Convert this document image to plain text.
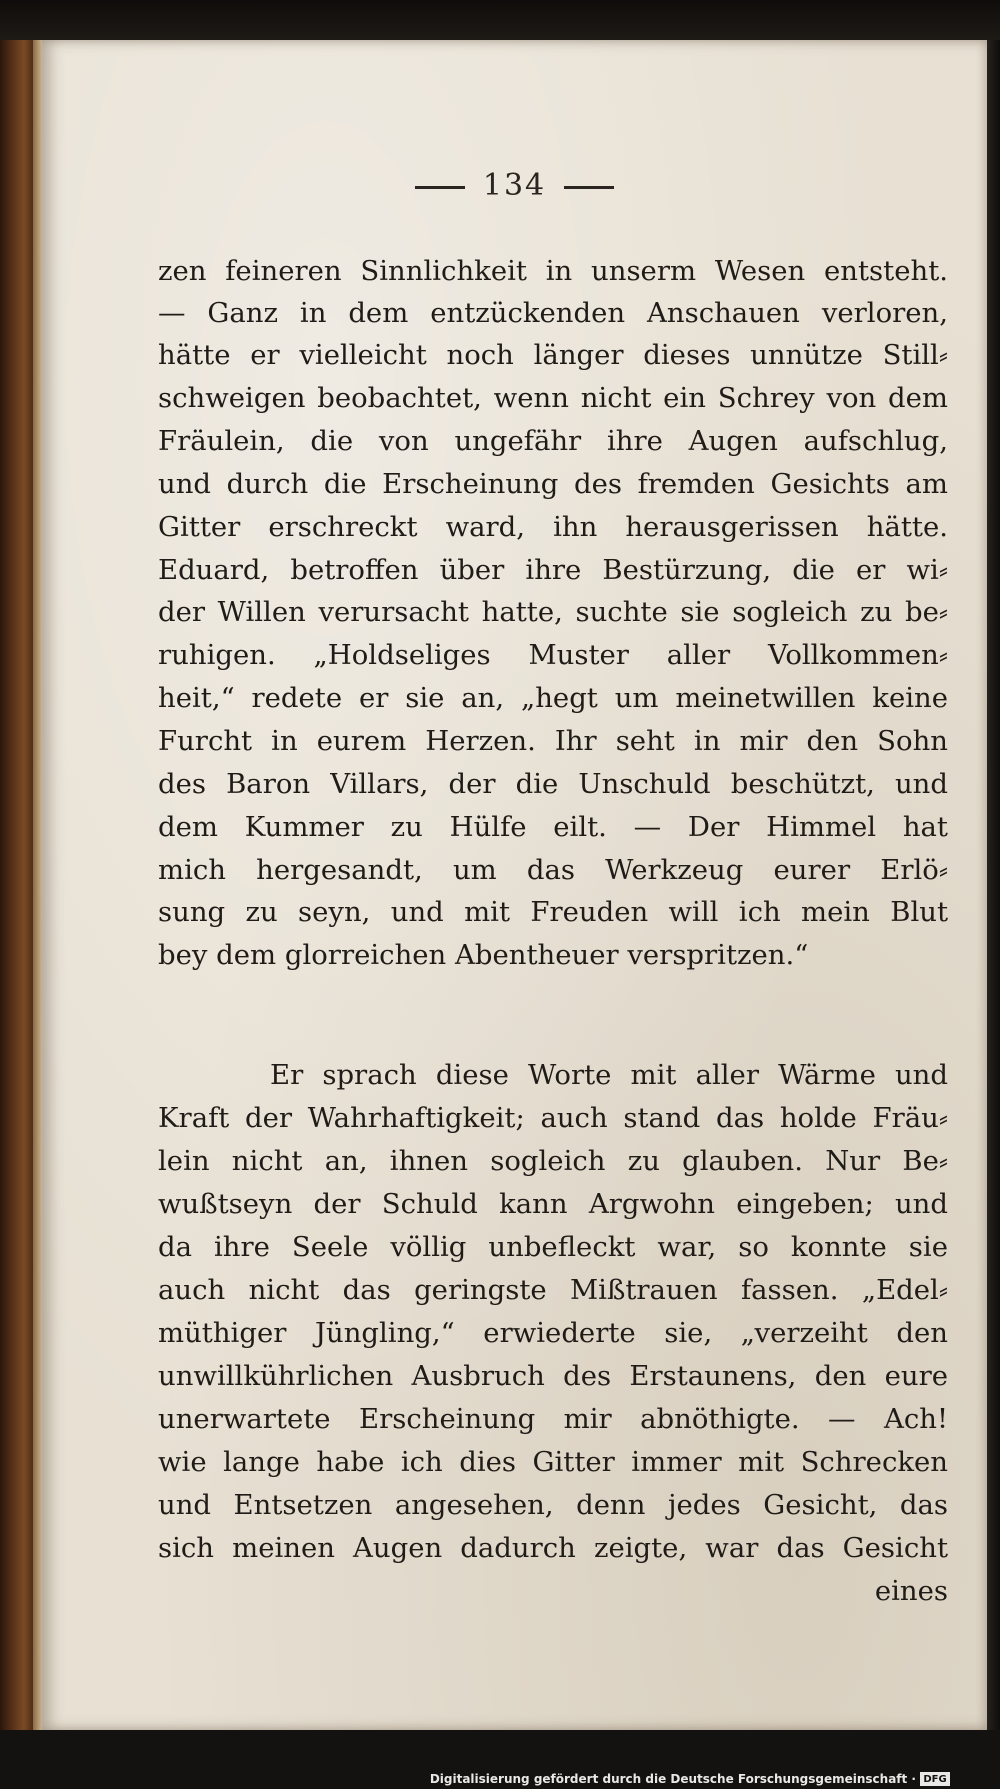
134
zen feineren Sinnlichkeit in unserm Wesen entsteht.
— Ganz in dem entzückenden Anschauen verloren,
hätte er vielleicht noch länger dieses unnütze Still⸗
schweigen beobachtet, wenn nicht ein Schrey von dem
Fräulein, die von ungefähr ihre Augen aufschlug,
und durch die Erscheinung des fremden Gesichts am
Gitter erschreckt ward, ihn herausgerissen hätte.
Eduard, betroffen über ihre Bestürzung, die er wi⸗
der Willen verursacht hatte, suchte sie sogleich zu be⸗
ruhigen. „Holdseliges Muster aller Vollkommen⸗
heit,“ redete er sie an, „hegt um meinetwillen keine
Furcht in eurem Herzen. Ihr seht in mir den Sohn
des Baron Villars, der die Unschuld beschützt, und
dem Kummer zu Hülfe eilt. — Der Himmel hat
mich hergesandt, um das Werkzeug eurer Erlö⸗
sung zu seyn, und mit Freuden will ich mein Blut
bey dem glorreichen Abentheuer verspritzen.“
Er sprach diese Worte mit aller Wärme und
Kraft der Wahrhaftigkeit; auch stand das holde Fräu⸗
lein nicht an, ihnen sogleich zu glauben. Nur Be⸗
wußtseyn der Schuld kann Argwohn eingeben; und
da ihre Seele völlig unbefleckt war, so konnte sie
auch nicht das geringste Mißtrauen fassen. „Edel⸗
müthiger Jüngling,“ erwiederte sie, „verzeiht den
unwillkührlichen Ausbruch des Erstaunens, den eure
unerwartete Erscheinung mir abnöthigte. — Ach!
wie lange habe ich dies Gitter immer mit Schrecken
und Entsetzen angesehen, denn jedes Gesicht, das
sich meinen Augen dadurch zeigte, war das Gesicht
eines
Digitalisierung gefördert durch die Deutsche Forschungsgemeinschaft · DFG
